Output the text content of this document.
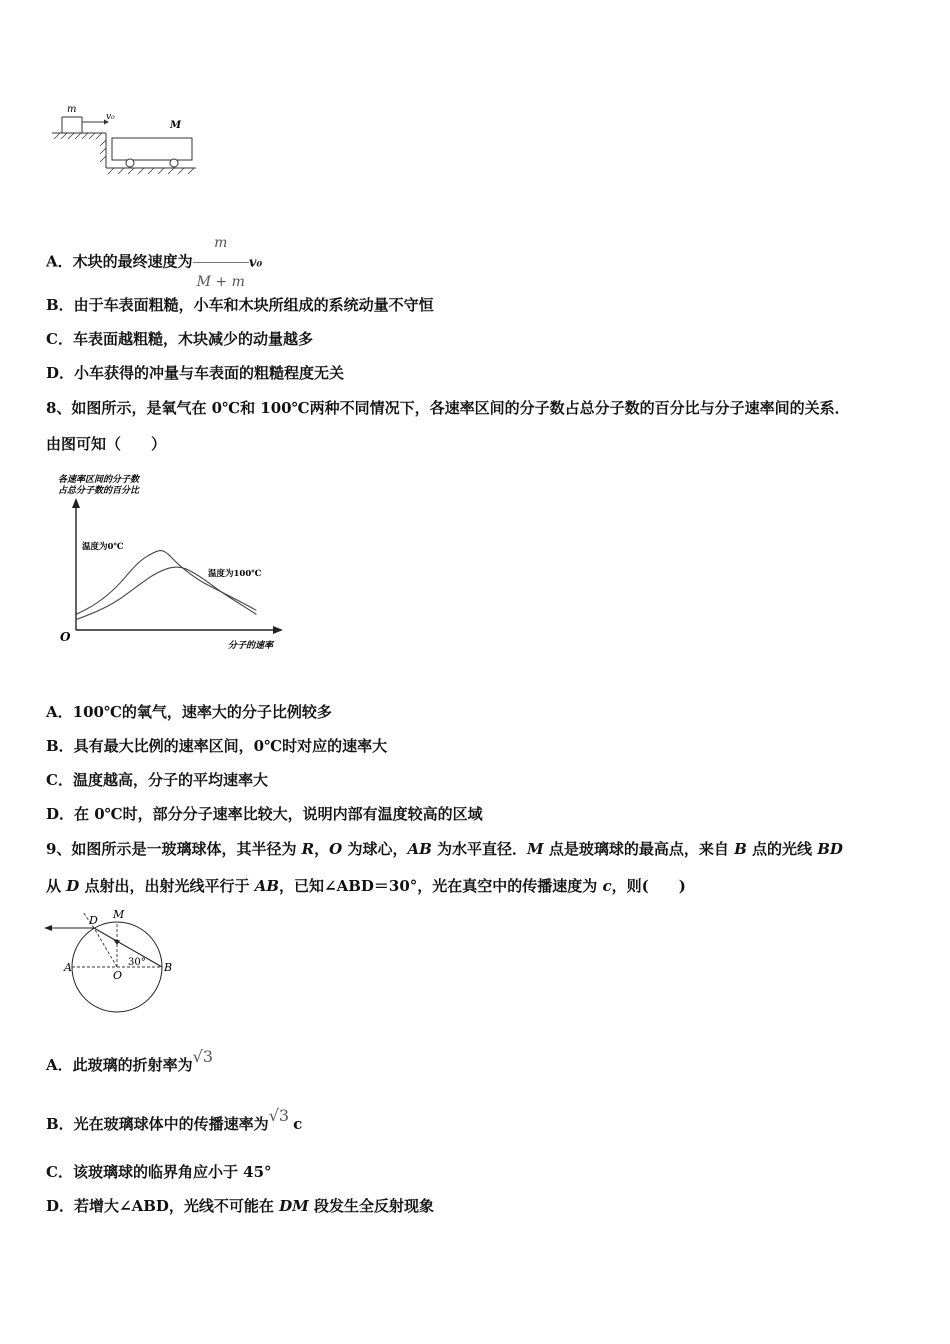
m
v₀
M
A．木块的最终速度为 $\frac{m}{M + m} v_0$
B．由于车表面粗糙，小车和木块所组成的系统动量不守恒
C．车表面越粗糙，木块减少的动量越多
D．小车获得的冲量与车表面的粗糙程度无关
8、如图所示，是氧气在 0℃和 100℃两种不同情况下，各速率区间的分子数占总分子数的百分比与分子速率间的关系．
由图可知（　　）
各速率区间的分子数
占总分子数的百分比
O
分子的速率
温度为0℃
温度为100℃
A．100℃的氧气，速率大的分子比例较多
B．具有最大比例的速率区间，0℃时对应的速率大
C．温度越高，分子的平均速率大
D．在 0℃时，部分分子速率比较大，说明内部有温度较高的区域
9、如图所示是一玻璃球体，其半径为 R，O 为球心，AB 为水平直径．M 点是玻璃球的最高点，来自 B 点的光线 BD
从 D 点射出，出射光线平行于 AB，已知∠ABD＝30°，光在真空中的传播速度为 c，则(　　)
D M
A
O
B
30°
A．此玻璃的折射率为√3
B．光在玻璃球体中的传播速率为√3 c
C．该玻璃球的临界角应小于 45°
D．若增大∠ABD，光线不可能在 DM 段发生全反射现象
